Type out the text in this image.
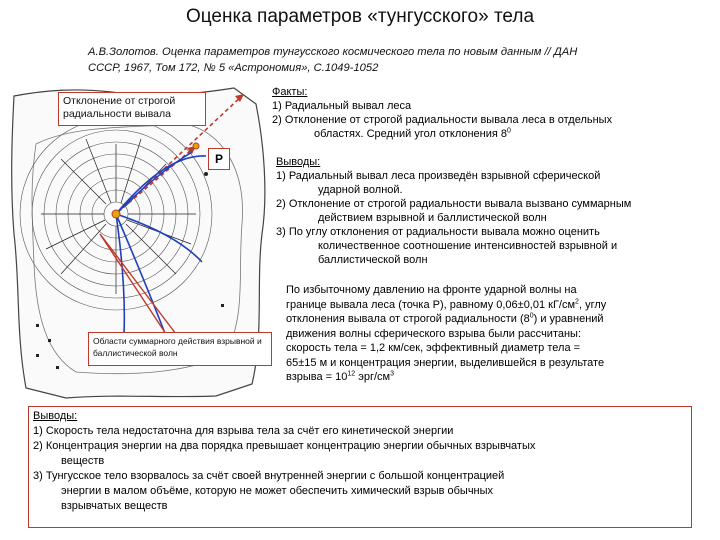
Оценка параметров «тунгусского» тела
А.В.Золотов. Оценка параметров тунгусского космического тела по новым данным // ДАН
СССР, 1967, Том 172, № 5 «Астрономия», С.1049-1052
Отклонение от строгой радиальности вывала
P
Области суммарного действия взрывной и баллистической волн
Факты:
1) Радиальный вывал леса
2) Отклонение от строгой радиальности вывала леса в отдельных
областях. Средний угол отклонения $8^0$
Выводы:
1) Радиальный вывал леса произведён взрывной сферической
ударной волной.
2) Отклонение от строгой радиальности вывала вызвано суммарным
действием взрывной и баллистической волн
3) По углу отклонения от радиальности вывала можно оценить
количественное соотношение интенсивностей взрывной и
баллистической волн
По избыточному давлению на фронте ударной волны на
границе вывала леса (точка P), равному 0,06±0,01 $кГ/см^2$, углу
отклонения вывала от строгой радиальности $(8^0)$ и уравнений
движения волны сферического взрыва были рассчитаны:
скорость тела = 1,2 км/сек, эффективный диаметр тела =
65±15 м и концентрация энергии, выделившейся в результате
взрыва = $10^{12}$ эрг/$см^3$
Выводы:
1) Скорость тела недостаточна для взрыва тела за счёт его кинетической энергии
2) Концентрация энергии на два порядка превышает концентрацию энергии обычных взрывчатых
веществ
3) Тунгусское тело взорвалось за счёт своей внутренней энергии с большой концентрацией
энергии в малом объёме, которую не может обеспечить химический взрыв обычных
взрывчатых веществ
